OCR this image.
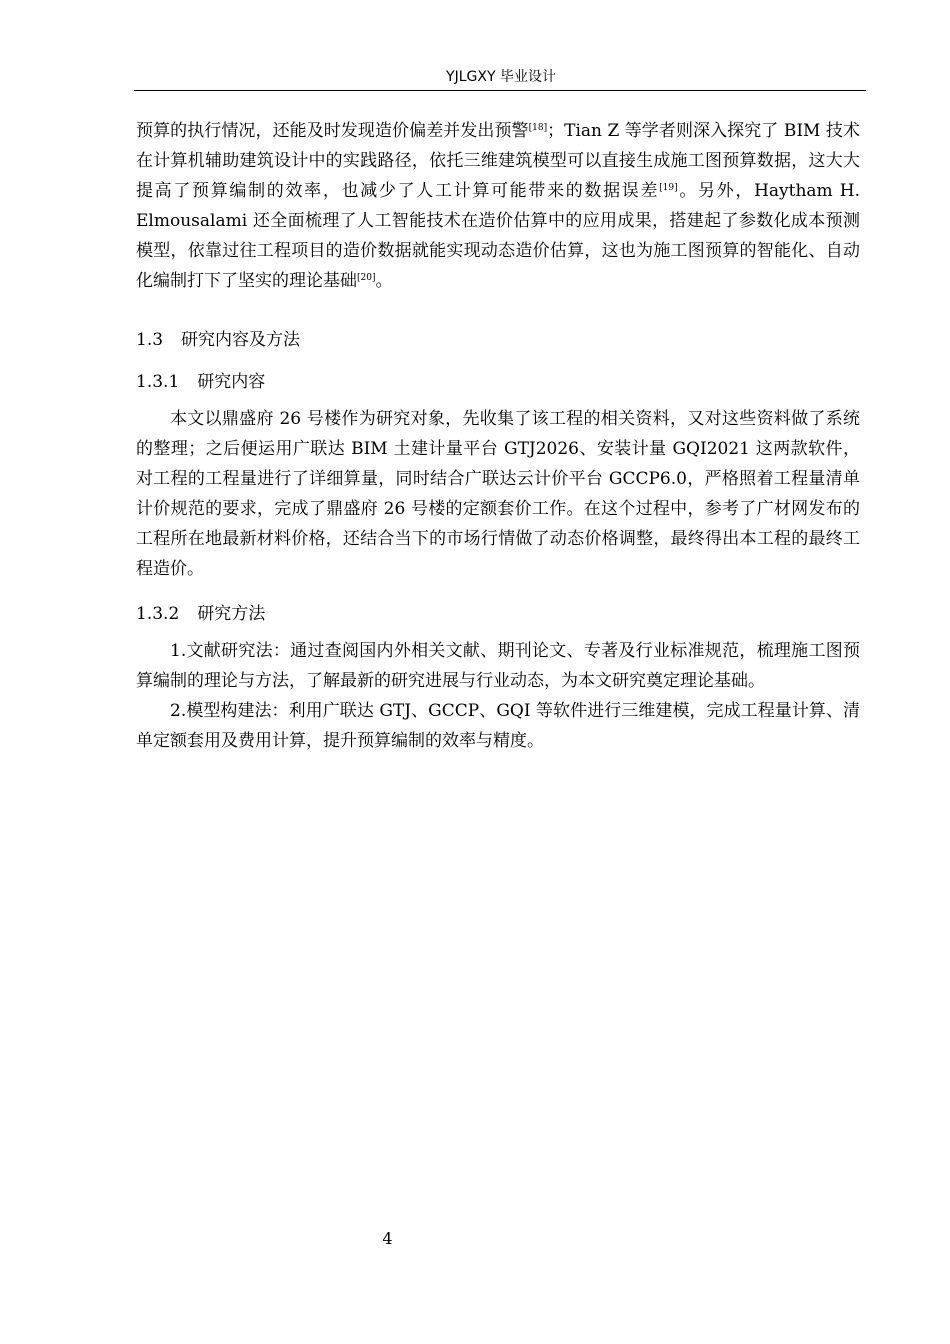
YJLGXY 毕业设计

预算的执行情况，还能及时发现造价偏差并发出预警[18]；Tian Z 等学者则深入探究了 BIM 技术在计算机辅助建筑设计中的实践路径，依托三维建筑模型可以直接生成施工图预算数据，这大大提高了预算编制的效率，也减少了人工计算可能带来的数据误差[19]。另外，Haytham H. Elmousalami 还全面梳理了人工智能技术在造价估算中的应用成果，搭建起了参数化成本预测模型，依靠过往工程项目的造价数据就能实现动态造价估算，这也为施工图预算的智能化、自动化编制打下了坚实的理论基础[20]。

1.3 研究内容及方法
1.3.1 研究内容

本文以鼎盛府 26 号楼作为研究对象，先收集了该工程的相关资料，又对这些资料做了系统的整理；之后便运用广联达 BIM 土建计量平台 GTJ2026、安装计量 GQI2021 这两款软件，对工程的工程量进行了详细算量，同时结合广联达云计价平台 GCCP6.0，严格照着工程量清单计价规范的要求，完成了鼎盛府 26 号楼的定额套价工作。在这个过程中，参考了广材网发布的工程所在地最新材料价格，还结合当下的市场行情做了动态价格调整，最终得出本工程的最终工程造价。

1.3.2 研究方法

1.文献研究法：通过查阅国内外相关文献、期刊论文、专著及行业标准规范，梳理施工图预算编制的理论与方法，了解最新的研究进展与行业动态，为本文研究奠定理论基础。

2.模型构建法：利用广联达 GTJ、GCCP、GQI 等软件进行三维建模，完成工程量计算、清单定额套用及费用计算，提升预算编制的效率与精度。

4
